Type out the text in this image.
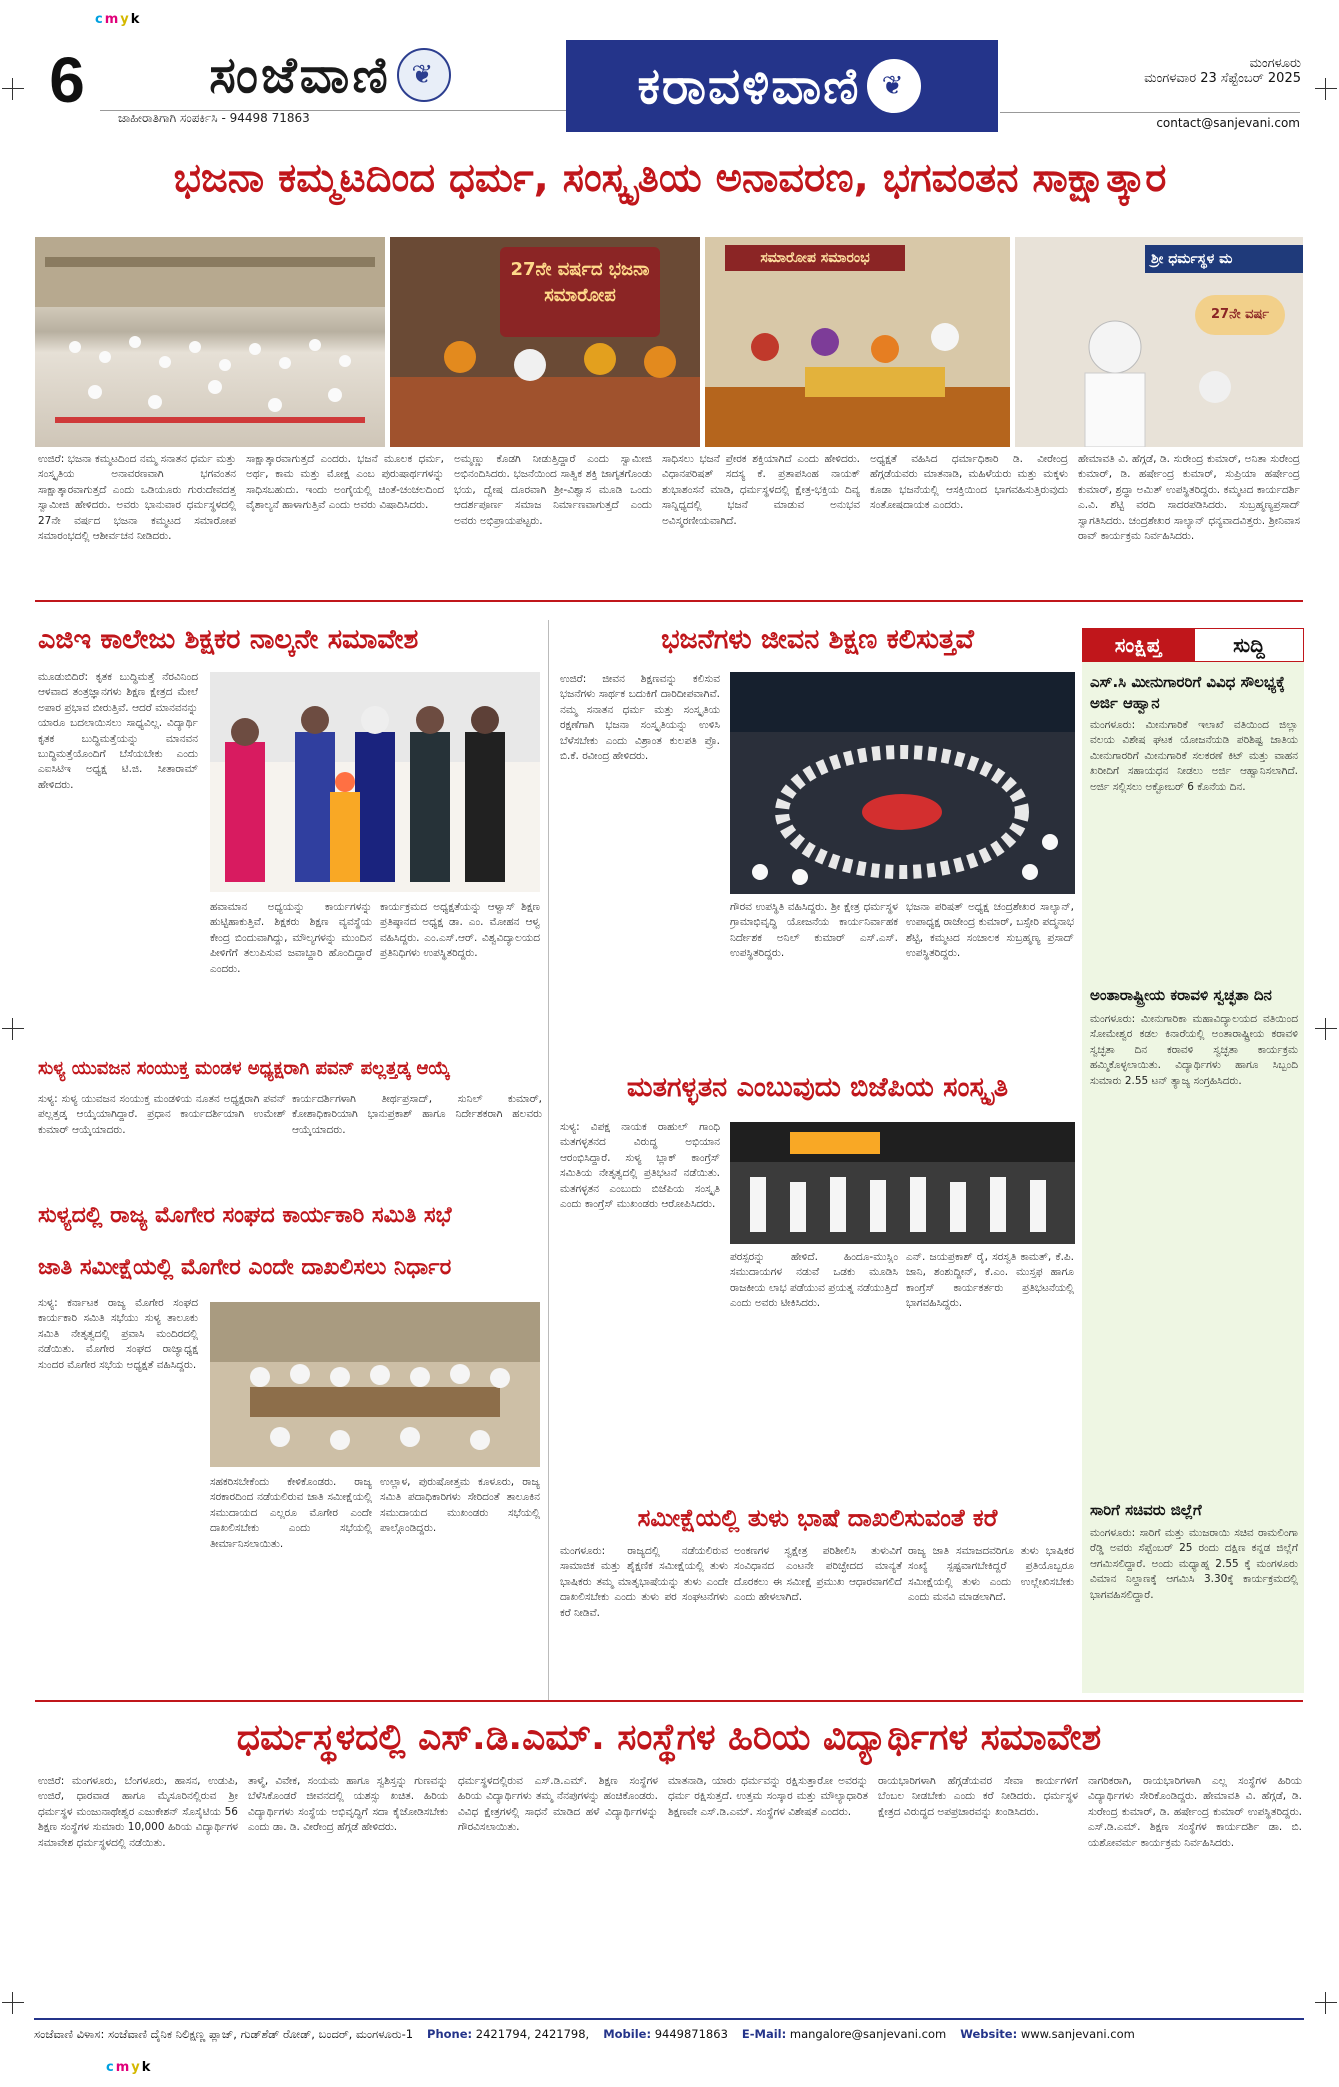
cmyk
6 ಸಂಜೆವಾಣಿ ❦
ಜಾಹೀರಾತಿಗಾಗಿ ಸಂಪರ್ಕಿಸಿ - 94498 71863
ಕರಾವಳಿವಾಣಿ ❦
ಮಂಗಳೂರು
ಮಂಗಳವಾರ 23 ಸೆಪ್ಟೆಂಬರ್ 2025
contact@sanjevani.com
ಭಜನಾ ಕಮ್ಮಟದಿಂದ ಧರ್ಮ, ಸಂಸ್ಕೃತಿಯ ಅನಾವರಣ, ಭಗವಂತನ ಸಾಕ್ಷಾತ್ಕಾರ
27ನೇ ವರ್ಷದ ಭಜನಾ ಸಮಾರೋಪ
ಸಮಾರೋಪ ಸಮಾರಂಭ	ಶ್ರೀ ಧರ್ಮಸ್ಥಳ ಮ
27ನೇ ವರ್ಷ
ಉಜಿರೆ: ಭಜನಾ ಕಮ್ಮಟದಿಂದ ನಮ್ಮ ಸನಾತನ ಧರ್ಮ ಮತ್ತು ಸಂಸ್ಕೃತಿಯ ಅನಾವರಣವಾಗಿ ಭಗವಂತನ ಸಾಕ್ಷಾತ್ಕಾರವಾಗುತ್ತದೆ ಎಂದು ಒಡಿಯೂರು ಗುರುದೇವದತ್ತ ಸ್ವಾಮೀಜಿ ಹೇಳಿದರು. ಅವರು ಭಾನುವಾರ ಧರ್ಮಸ್ಥಳದಲ್ಲಿ 27ನೇ ವರ್ಷದ ಭಜನಾ ಕಮ್ಮಟದ ಸಮಾರೋಪ ಸಮಾರಂಭದಲ್ಲಿ ಆಶೀರ್ವಚನ ನೀಡಿದರು.
ಸಾಕ್ಷಾತ್ಕಾರವಾಗುತ್ತದೆ ಎಂದರು. ಭಜನೆ ಮೂಲಕ ಧರ್ಮ, ಅರ್ಥ, ಕಾಮ ಮತ್ತು ಮೋಕ್ಷ ಎಂಬ ಪುರುಷಾರ್ಥಗಳನ್ನು ಸಾಧಿಸಬಹುದು. ಇಂದು ಅಂಗೈಯಲ್ಲಿ ಚಿಂತೆ-ಚಂಚಲದಿಂದ ವೈಶಾಲ್ಯನೆ ಹಾಳಾಗುತ್ತಿವೆ ಎಂದು ಅವರು ವಿಷಾದಿಸಿದರು.
ಅಮ್ಮಣ್ಣು ಕೊಡಗಿ ನೀಡುತ್ತಿದ್ದಾರೆ ಎಂದು ಸ್ವಾಮೀಜಿ ಅಭಿನಂದಿಸಿದರು. ಭಜನೆಯಿಂದ ಸಾತ್ವಿಕ ಶಕ್ತಿ ಜಾಗೃತಗೊಂಡು ಭಯ, ದ್ವೇಷ ದೂರವಾಗಿ ಶ್ರೀ-ವಿಶ್ವಾಸ ಮೂಡಿ ಒಂದು ಆದರ್ಶಪೂರ್ಣ ಸಮಾಜ ನಿರ್ಮಾಣವಾಗುತ್ತದೆ ಎಂದು ಅವರು ಅಭಿಪ್ರಾಯಪಟ್ಟರು.
ಸಾಧಿಸಲು ಭಜನೆ ಪ್ರೇರಕ ಶಕ್ತಿಯಾಗಿದೆ ಎಂದು ಹೇಳಿದರು. ವಿಧಾನಪರಿಷತ್ ಸದಸ್ಯ ಕೆ. ಪ್ರತಾಪಸಿಂಹ ನಾಯಕ್ ಶುಭಾಶಂಸನೆ ಮಾಡಿ, ಧರ್ಮಸ್ಥಳದಲ್ಲಿ ಕ್ಷೇತ್ರ-ಭಕ್ತಿಯ ದಿವ್ಯ ಸಾನ್ನಿಧ್ಯದಲ್ಲಿ ಭಜನೆ ಮಾಡುವ ಅನುಭವ ಅವಿಸ್ಮರಣೀಯವಾಗಿದೆ.
ಅಧ್ಯಕ್ಷತೆ ವಹಿಸಿದ ಧರ್ಮಾಧಿಕಾರಿ ಡಿ. ವೀರೇಂದ್ರ ಹೆಗ್ಗಡೆಯವರು ಮಾತನಾಡಿ, ಮಹಿಳೆಯರು ಮತ್ತು ಮಕ್ಕಳು ಕೂಡಾ ಭಜನೆಯಲ್ಲಿ ಆಸಕ್ತಿಯಿಂದ ಭಾಗವಹಿಸುತ್ತಿರುವುದು ಸಂತೋಷದಾಯಕ ಎಂದರು.
ಹೇಮಾವತಿ ವಿ. ಹೆಗ್ಗಡೆ, ಡಿ. ಸುರೇಂದ್ರ ಕುಮಾರ್, ಅನಿತಾ ಸುರೇಂದ್ರ ಕುಮಾರ್, ಡಿ. ಹರ್ಷೇಂದ್ರ ಕುಮಾರ್, ಸುಪ್ರಿಯಾ ಹರ್ಷೇಂದ್ರ ಕುಮಾರ್, ಶ್ರದ್ಧಾ ಅಮಿತ್ ಉಪಸ್ಥಿತರಿದ್ದರು. ಕಮ್ಮಟದ ಕಾರ್ಯದರ್ಶಿ ಎ.ವಿ. ಶೆಟ್ಟಿ ವರದಿ ಸಾದರಪಡಿಸಿದರು. ಸುಬ್ರಹ್ಮಣ್ಯಪ್ರಸಾದ್ ಸ್ವಾಗತಿಸಿದರು. ಚಂದ್ರಶೇಖರ ಸಾಲ್ಯಾನ್ ಧನ್ಯವಾದವಿತ್ತರು. ಶ್ರೀನಿವಾಸ ರಾವ್ ಕಾರ್ಯಕ್ರಮ ನಿರ್ವಹಿಸಿದರು.
ಎಜಿಇ ಕಾಲೇಜು ಶಿಕ್ಷಕರ ನಾಲ್ಕನೇ ಸಮಾವೇಶ
ಮೂಡುಬಿದಿರೆ: ಕೃತಕ ಬುದ್ಧಿಮತ್ತೆ ನೆರವಿನಿಂದ ಆಳವಾದ ತಂತ್ರಜ್ಞಾನಗಳು ಶಿಕ್ಷಣ ಕ್ಷೇತ್ರದ ಮೇಲೆ ಅಪಾರ ಪ್ರಭಾವ ಬೀರುತ್ತಿವೆ. ಆದರೆ ಮಾನವನನ್ನು ಯಾರೂ ಬದಲಾಯಿಸಲು ಸಾಧ್ಯವಿಲ್ಲ. ವಿದ್ಯಾರ್ಥಿ ಕೃತಕ ಬುದ್ಧಿಮತ್ತೆಯನ್ನು ಮಾನವನ ಬುದ್ಧಿಮತ್ತೆಯೊಂದಿಗೆ ಬೆಸೆಯಬೇಕು ಎಂದು ಎಐಸಿಟಿಇ ಅಧ್ಯಕ್ಷ ಟಿ.ಜಿ. ಸೀತಾರಾಮ್ ಹೇಳಿದರು.
ಹವಾಮಾನ ಅಧ್ಯಯನ್ನು ಕಾರ್ಯಗಳನ್ನು ಹುಟ್ಟಿಹಾಕುತ್ತಿವೆ. ಶಿಕ್ಷಕರು ಶಿಕ್ಷಣ ವ್ಯವಸ್ಥೆಯ ಕೇಂದ್ರ ಬಿಂದುವಾಗಿದ್ದು, ಮೌಲ್ಯಗಳನ್ನು ಮುಂದಿನ ಪೀಳಿಗೆಗೆ ತಲುಪಿಸುವ ಜವಾಬ್ದಾರಿ ಹೊಂದಿದ್ದಾರೆ ಎಂದರು.
ಕಾರ್ಯಕ್ರಮದ ಅಧ್ಯಕ್ಷತೆಯನ್ನು ಆಳ್ವಾಸ್ ಶಿಕ್ಷಣ ಪ್ರತಿಷ್ಠಾನದ ಅಧ್ಯಕ್ಷ ಡಾ. ಎಂ. ಮೋಹನ ಆಳ್ವ ವಹಿಸಿದ್ದರು. ಎಂ.ಎಸ್.ಆರ್. ವಿಶ್ವವಿದ್ಯಾಲಯದ ಪ್ರತಿನಿಧಿಗಳು ಉಪಸ್ಥಿತರಿದ್ದರು.
ಸುಳ್ಯ ಯುವಜನ ಸಂಯುಕ್ತ ಮಂಡಳ ಅಧ್ಯಕ್ಷರಾಗಿ ಪವನ್ ಪಲ್ಲತ್ತಡ್ಕ ಆಯ್ಕೆ
ಸುಳ್ಯ: ಸುಳ್ಯ ಯುವಜನ ಸಂಯುಕ್ತ ಮಂಡಳಿಯ ನೂತನ ಅಧ್ಯಕ್ಷರಾಗಿ ಪವನ್ ಪಲ್ಲತ್ತಡ್ಕ ಆಯ್ಕೆಯಾಗಿದ್ದಾರೆ. ಪ್ರಧಾನ ಕಾರ್ಯದರ್ಶಿಯಾಗಿ ಉಮೇಶ್ ಕುಮಾರ್ ಆಯ್ಕೆಯಾದರು.
ಕಾರ್ಯದರ್ಶಿಗಳಾಗಿ ತೀರ್ಥಪ್ರಸಾದ್, ಸುನಿಲ್ ಕುಮಾರ್, ಕೋಶಾಧಿಕಾರಿಯಾಗಿ ಭಾನುಪ್ರಕಾಶ್ ಹಾಗೂ ನಿರ್ದೇಶಕರಾಗಿ ಹಲವರು ಆಯ್ಕೆಯಾದರು.
ಸುಳ್ಯದಲ್ಲಿ ರಾಜ್ಯ ಮೊಗೇರ ಸಂಘದ ಕಾರ್ಯಕಾರಿ ಸಮಿತಿ ಸಭೆ
ಜಾತಿ ಸಮೀಕ್ಷೆಯಲ್ಲಿ ಮೊಗೇರ ಎಂದೇ ದಾಖಲಿಸಲು ನಿರ್ಧಾರ
ಸುಳ್ಯ: ಕರ್ನಾಟಕ ರಾಜ್ಯ ಮೊಗೇರ ಸಂಘದ ಕಾರ್ಯಕಾರಿ ಸಮಿತಿ ಸಭೆಯು ಸುಳ್ಯ ತಾಲೂಕು ಸಮಿತಿ ನೇತೃತ್ವದಲ್ಲಿ ಪ್ರವಾಸಿ ಮಂದಿರದಲ್ಲಿ ನಡೆಯಿತು. ಮೊಗೇರ ಸಂಘದ ರಾಜ್ಯಾಧ್ಯಕ್ಷ ಸುಂದರ ಮೊಗೇರ ಸಭೆಯ ಅಧ್ಯಕ್ಷತೆ ವಹಿಸಿದ್ದರು.
ಸಹಕರಿಸಬೇಕೆಂದು ಕೇಳಿಕೊಂಡರು. ರಾಜ್ಯ ಸರಕಾರದಿಂದ ನಡೆಯಲಿರುವ ಜಾತಿ ಸಮೀಕ್ಷೆಯಲ್ಲಿ ಸಮುದಾಯದ ಎಲ್ಲರೂ ಮೊಗೇರ ಎಂದೇ ದಾಖಲಿಸಬೇಕು ಎಂದು ಸಭೆಯಲ್ಲಿ ತೀರ್ಮಾನಿಸಲಾಯಿತು.
ಉಲ್ಲಾಳ, ಪುರುಷೋತ್ತಮ ಕೂಳೂರು, ರಾಜ್ಯ ಸಮಿತಿ ಪದಾಧಿಕಾರಿಗಳು ಸೇರಿದಂತೆ ತಾಲೂಕಿನ ಸಮುದಾಯದ ಮುಖಂಡರು ಸಭೆಯಲ್ಲಿ ಪಾಲ್ಗೊಂಡಿದ್ದರು.
ಭಜನೆಗಳು ಜೀವನ ಶಿಕ್ಷಣ ಕಲಿಸುತ್ತವೆ
ಉಜಿರೆ: ಜೀವನ ಶಿಕ್ಷಣವನ್ನು ಕಲಿಸುವ ಭಜನೆಗಳು ಸಾರ್ಥಕ ಬದುಕಿಗೆ ದಾರಿದೀಪವಾಗಿವೆ. ನಮ್ಮ ಸನಾತನ ಧರ್ಮ ಮತ್ತು ಸಂಸ್ಕೃತಿಯ ರಕ್ಷಣೆಗಾಗಿ ಭಜನಾ ಸಂಸ್ಕೃತಿಯನ್ನು ಉಳಿಸಿ ಬೆಳೆಸಬೇಕು ಎಂದು ವಿಶ್ರಾಂತ ಕುಲಪತಿ ಪ್ರೊ. ಬಿ.ಕೆ. ರವೀಂದ್ರ ಹೇಳಿದರು.
ಗೌರವ ಉಪಸ್ಥಿತಿ ವಹಿಸಿದ್ದರು. ಶ್ರೀ ಕ್ಷೇತ್ರ ಧರ್ಮಸ್ಥಳ ಗ್ರಾಮಾಭಿವೃದ್ಧಿ ಯೋಜನೆಯ ಕಾರ್ಯನಿರ್ವಾಹಕ ನಿರ್ದೇಶಕ ಅನಿಲ್ ಕುಮಾರ್ ಎಸ್.ಎಸ್. ಉಪಸ್ಥಿತರಿದ್ದರು.
ಭಜನಾ ಪರಿಷತ್ ಅಧ್ಯಕ್ಷ ಚಂದ್ರಶೇಖರ ಸಾಲ್ಯಾನ್, ಉಪಾಧ್ಯಕ್ಷ ರಾಜೇಂದ್ರ ಕುಮಾರ್, ಬಸ್ಸೇರಿ ಪದ್ಮನಾಭ ಶೆಟ್ಟಿ, ಕಮ್ಮಟದ ಸಂಚಾಲಕ ಸುಬ್ರಹ್ಮಣ್ಯ ಪ್ರಸಾದ್ ಉಪಸ್ಥಿತರಿದ್ದರು.
ಮತಗಳ್ಳತನ ಎಂಬುವುದು ಬಿಜೆಪಿಯ ಸಂಸ್ಕೃತಿ
ಸುಳ್ಯ: ವಿಪಕ್ಷ ನಾಯಕ ರಾಹುಲ್ ಗಾಂಧಿ ಮತಗಳ್ಳತನದ ವಿರುದ್ಧ ಅಭಿಯಾನ ಆರಂಭಿಸಿದ್ದಾರೆ. ಸುಳ್ಯ ಬ್ಲಾಕ್ ಕಾಂಗ್ರೆಸ್ ಸಮಿತಿಯ ನೇತೃತ್ವದಲ್ಲಿ ಪ್ರತಿಭಟನೆ ನಡೆಯಿತು. ಮತಗಳ್ಳತನ ಎಂಬುದು ಬಿಜೆಪಿಯ ಸಂಸ್ಕೃತಿ ಎಂದು ಕಾಂಗ್ರೆಸ್ ಮುಖಂಡರು ಆರೋಪಿಸಿದರು.
ಪರಸ್ಪರನ್ನು ಹೇಳಿದೆ. ಹಿಂದೂ-ಮುಸ್ಲಿಂ ಸಮುದಾಯಗಳ ನಡುವೆ ಒಡಕು ಮೂಡಿಸಿ ರಾಜಕೀಯ ಲಾಭ ಪಡೆಯುವ ಪ್ರಯತ್ನ ನಡೆಯುತ್ತಿದೆ ಎಂದು ಅವರು ಟೀಕಿಸಿದರು.
ಎನ್. ಜಯಪ್ರಕಾಶ್ ರೈ, ಸರಸ್ವತಿ ಕಾಮತ್, ಕೆ.ಪಿ. ಜಾನಿ, ಶಂಶುದ್ದೀನ್, ಕೆ.ಎಂ. ಮುಸ್ತಫ ಹಾಗೂ ಕಾಂಗ್ರೆಸ್ ಕಾರ್ಯಕರ್ತರು ಪ್ರತಿಭಟನೆಯಲ್ಲಿ ಭಾಗವಹಿಸಿದ್ದರು.
ಸಮೀಕ್ಷೆಯಲ್ಲಿ ತುಳು ಭಾಷೆ ದಾಖಲಿಸುವಂತೆ ಕರೆ
ಮಂಗಳೂರು: ರಾಜ್ಯದಲ್ಲಿ ನಡೆಯಲಿರುವ ಸಾಮಾಜಿಕ ಮತ್ತು ಶೈಕ್ಷಣಿಕ ಸಮೀಕ್ಷೆಯಲ್ಲಿ ತುಳು ಭಾಷಿಕರು ತಮ್ಮ ಮಾತೃಭಾಷೆಯನ್ನು ತುಳು ಎಂದೇ ದಾಖಲಿಸಬೇಕು ಎಂದು ತುಳು ಪರ ಸಂಘಟನೆಗಳು ಕರೆ ನೀಡಿವೆ.
ಅಂಕಣಗಳ ಸ್ವಕ್ಷೇತ್ರ ಪರಿಶೀಲಿಸಿ ತುಳುವಿಗೆ ಸಂವಿಧಾನದ ಎಂಟನೇ ಪರಿಚ್ಛೇದದ ಮಾನ್ಯತೆ ದೊರಕಲು ಈ ಸಮೀಕ್ಷೆ ಪ್ರಮುಖ ಆಧಾರವಾಗಲಿದೆ ಎಂದು ಹೇಳಲಾಗಿದೆ.
ರಾಜ್ಯ ಜಾತಿ ಸಮಾಜದವರಿಗೂ ತುಳು ಭಾಷಿಕರ ಸಂಖ್ಯೆ ಸ್ಪಷ್ಟವಾಗಬೇಕಿದ್ದರೆ ಪ್ರತಿಯೊಬ್ಬರೂ ಸಮೀಕ್ಷೆಯಲ್ಲಿ ತುಳು ಎಂದು ಉಲ್ಲೇಖಿಸಬೇಕು ಎಂದು ಮನವಿ ಮಾಡಲಾಗಿದೆ.
ಸಂಕ್ಷಿಪ್ತ	ಸುದ್ದಿ
ಎಸ್.ಸಿ ಮೀನುಗಾರರಿಗೆ ವಿವಿಧ ಸೌಲಭ್ಯಕ್ಕೆ ಅರ್ಜಿ ಆಹ್ವಾನ
ಮಂಗಳೂರು: ಮೀನುಗಾರಿಕೆ ಇಲಾಖೆ ವತಿಯಿಂದ ಜಿಲ್ಲಾ ವಲಯ ವಿಶೇಷ ಘಟಕ ಯೋಜನೆಯಡಿ ಪರಿಶಿಷ್ಟ ಜಾತಿಯ ಮೀನುಗಾರರಿಗೆ ಮೀನುಗಾರಿಕೆ ಸಲಕರಣೆ ಕಿಟ್ ಮತ್ತು ವಾಹನ ಖರೀದಿಗೆ ಸಹಾಯಧನ ನೀಡಲು ಅರ್ಜಿ ಆಹ್ವಾನಿಸಲಾಗಿದೆ. ಅರ್ಜಿ ಸಲ್ಲಿಸಲು ಅಕ್ಟೋಬರ್ 6 ಕೊನೆಯ ದಿನ.
ಅಂತಾರಾಷ್ಟ್ರೀಯ ಕರಾವಳಿ ಸ್ವಚ್ಛತಾ ದಿನ
ಮಂಗಳೂರು: ಮೀನುಗಾರಿಕಾ ಮಹಾವಿದ್ಯಾಲಯದ ವತಿಯಿಂದ ಸೋಮೇಶ್ವರ ಕಡಲ ಕಿನಾರೆಯಲ್ಲಿ ಅಂತಾರಾಷ್ಟ್ರೀಯ ಕರಾವಳಿ ಸ್ವಚ್ಛತಾ ದಿನ ಕರಾವಳಿ ಸ್ವಚ್ಛತಾ ಕಾರ್ಯಕ್ರಮ ಹಮ್ಮಿಕೊಳ್ಳಲಾಯಿತು. ವಿದ್ಯಾರ್ಥಿಗಳು ಹಾಗೂ ಸಿಬ್ಬಂದಿ ಸುಮಾರು 2.55 ಟನ್ ತ್ಯಾಜ್ಯ ಸಂಗ್ರಹಿಸಿದರು.
ಸಾರಿಗೆ ಸಚಿವರು ಜಿಲ್ಲೆಗೆ
ಮಂಗಳೂರು: ಸಾರಿಗೆ ಮತ್ತು ಮುಜರಾಯಿ ಸಚಿವ ರಾಮಲಿಂಗಾ ರೆಡ್ಡಿ ಅವರು ಸೆಪ್ಟೆಂಬರ್ 25 ರಂದು ದಕ್ಷಿಣ ಕನ್ನಡ ಜಿಲ್ಲೆಗೆ ಆಗಮಿಸಲಿದ್ದಾರೆ. ಅಂದು ಮಧ್ಯಾಹ್ನ 2.55 ಕ್ಕೆ ಮಂಗಳೂರು ವಿಮಾನ ನಿಲ್ದಾಣಕ್ಕೆ ಆಗಮಿಸಿ 3.30ಕ್ಕೆ ಕಾರ್ಯಕ್ರಮದಲ್ಲಿ ಭಾಗವಹಿಸಲಿದ್ದಾರೆ.
ಧರ್ಮಸ್ಥಳದಲ್ಲಿ ಎಸ್.ಡಿ.ಎಮ್. ಸಂಸ್ಥೆಗಳ ಹಿರಿಯ ವಿದ್ಯಾರ್ಥಿಗಳ ಸಮಾವೇಶ
ಉಜಿರೆ: ಮಂಗಳೂರು, ಬೆಂಗಳೂರು, ಹಾಸನ, ಉಡುಪಿ, ಉಜಿರೆ, ಧಾರವಾಡ ಹಾಗೂ ಮೈಸೂರಿನಲ್ಲಿರುವ ಶ್ರೀ ಧರ್ಮಸ್ಥಳ ಮಂಜುನಾಥೇಶ್ವರ ಎಜುಕೇಶನ್ ಸೊಸೈಟಿಯ 56 ಶಿಕ್ಷಣ ಸಂಸ್ಥೆಗಳ ಸುಮಾರು 10,000 ಹಿರಿಯ ವಿದ್ಯಾರ್ಥಿಗಳ ಸಮಾವೇಶ ಧರ್ಮಸ್ಥಳದಲ್ಲಿ ನಡೆಯಿತು.
ತಾಳ್ಮೆ, ವಿವೇಕ, ಸಂಯಮ ಹಾಗೂ ಸ್ವಶಿಸ್ತನ್ನು ಗುಣವನ್ನು ಬೆಳೆಸಿಕೊಂಡರೆ ಜೀವನದಲ್ಲಿ ಯಶಸ್ಸು ಖಚಿತ. ಹಿರಿಯ ವಿದ್ಯಾರ್ಥಿಗಳು ಸಂಸ್ಥೆಯ ಅಭಿವೃದ್ಧಿಗೆ ಸದಾ ಕೈಜೋಡಿಸಬೇಕು ಎಂದು ಡಾ. ಡಿ. ವೀರೇಂದ್ರ ಹೆಗ್ಗಡೆ ಹೇಳಿದರು.
ಧರ್ಮಸ್ಥಳದಲ್ಲಿರುವ ಎಸ್.ಡಿ.ಎಮ್. ಶಿಕ್ಷಣ ಸಂಸ್ಥೆಗಳ ಹಿರಿಯ ವಿದ್ಯಾರ್ಥಿಗಳು ತಮ್ಮ ನೆನಪುಗಳನ್ನು ಹಂಚಿಕೊಂಡರು. ವಿವಿಧ ಕ್ಷೇತ್ರಗಳಲ್ಲಿ ಸಾಧನೆ ಮಾಡಿದ ಹಳೆ ವಿದ್ಯಾರ್ಥಿಗಳನ್ನು ಗೌರವಿಸಲಾಯಿತು.
ಮಾತನಾಡಿ, ಯಾರು ಧರ್ಮವನ್ನು ರಕ್ಷಿಸುತ್ತಾರೋ ಅವರನ್ನು ಧರ್ಮ ರಕ್ಷಿಸುತ್ತದೆ. ಉತ್ತಮ ಸಂಸ್ಕಾರ ಮತ್ತು ಮೌಲ್ಯಾಧಾರಿತ ಶಿಕ್ಷಣವೇ ಎಸ್.ಡಿ.ಎಮ್. ಸಂಸ್ಥೆಗಳ ವಿಶೇಷತೆ ಎಂದರು.
ರಾಯಭಾರಿಗಳಾಗಿ ಹೆಗ್ಗಡೆಯವರ ಸೇವಾ ಕಾರ್ಯಗಳಿಗೆ ಬೆಂಬಲ ನೀಡಬೇಕು ಎಂದು ಕರೆ ನೀಡಿದರು. ಧರ್ಮಸ್ಥಳ ಕ್ಷೇತ್ರದ ವಿರುದ್ಧದ ಅಪಪ್ರಚಾರವನ್ನು ಖಂಡಿಸಿದರು.
ನಾಗರಿಕರಾಗಿ, ರಾಯಭಾರಿಗಳಾಗಿ ಎಲ್ಲ ಸಂಸ್ಥೆಗಳ ಹಿರಿಯ ವಿದ್ಯಾರ್ಥಿಗಳು ಸೇರಿಕೊಂಡಿದ್ದರು. ಹೇಮಾವತಿ ವಿ. ಹೆಗ್ಗಡೆ, ಡಿ. ಸುರೇಂದ್ರ ಕುಮಾರ್, ಡಿ. ಹರ್ಷೇಂದ್ರ ಕುಮಾರ್ ಉಪಸ್ಥಿತರಿದ್ದರು. ಎಸ್.ಡಿ.ಎಮ್. ಶಿಕ್ಷಣ ಸಂಸ್ಥೆಗಳ ಕಾರ್ಯದರ್ಶಿ ಡಾ. ಬಿ. ಯಶೋವರ್ಮ ಕಾರ್ಯಕ್ರಮ ನಿರ್ವಹಿಸಿದರು.
ಸಂಜೆವಾಣಿ ವಿಳಾಸ: ಸಂಜೆವಾಣಿ ದೈನಿಕ ನಿಲಿಕ್ಷಣ್ಣ ಪ್ಲಾಜ್, ಗುಡ್‌ಶೆಡ್ ರೋಡ್, ಬಂದರ್, ಮಂಗಳೂರು-1 Phone: 2421794, 2421798, Mobile: 9449871863 E-Mail: mangalore@sanjevani.com Website: www.sanjevani.com
cmyk
